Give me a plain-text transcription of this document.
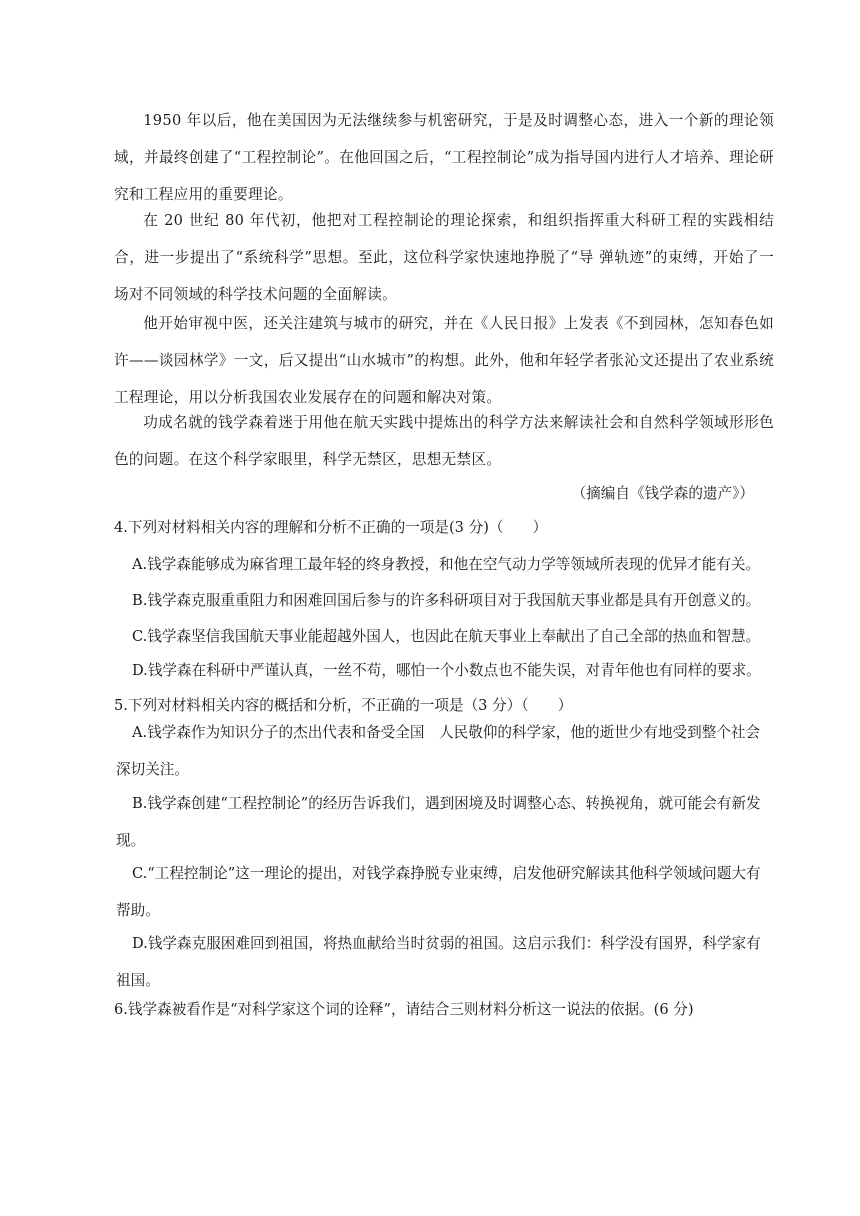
1950 年以后，他在美国因为无法继续参与机密研究，于是及时调整心态，进入一个新的理论领域，并最终创建了“工程控制论”。在他回国之后，“工程控制论”成为指导国内进行人才培养、理论研究和工程应用的重要理论。

在 20 世纪 80 年代初，他把对工程控制论的理论探索，和组织指挥重大科研工程的实践相结合，进一步提出了“系统科学”思想。至此，这位科学家快速地挣脱了“导 弹轨迹”的束缚，开始了一场对不同领域的科学技术问题的全面解读。

他开始审视中医，还关注建筑与城市的研究，并在《人民日报》上发表《不到园林，怎知春色如许——谈园林学》一文，后又提出“山水城市”的构想。此外，他和年轻学者张沁文还提出了农业系统工程理论，用以分析我国农业发展存在的问题和解决对策。

功成名就的钱学森着迷于用他在航天实践中提炼出的科学方法来解读社会和自然科学领域形形色 色的问题。在这个科学家眼里，科学无禁区，思想无禁区。

（摘编自《钱学森的遗产》）

4.下列对材料相关内容的理解和分析不正确的一项是(3 分)（　　）

A.钱学森能够成为麻省理工最年轻的终身教授，和他在空气动力学等领域所表现的优异才能有关。

B.钱学森克服重重阻力和困难回国后参与的许多科研项目对于我国航天事业都是具有开创意义的。

C.钱学森坚信我国航天事业能超越外国人，也因此在航天事业上奉献出了自己全部的热血和智慧。

D.钱学森在科研中严谨认真，一丝不苟，哪怕一个小数点也不能失误，对青年他也有同样的要求。

5.下列对材料相关内容的概括和分析，不正确的一项是（3 分）（　　）

A.钱学森作为知识分子的杰出代表和备受全国　人民敬仰的科学家，他的逝世少有地受到整个社会深切关注。

B.钱学森创建“工程控制论”的经历告诉我们，遇到困境及时调整心态、转换视角，就可能会有新发现。

C.“工程控制论”这一理论的提出，对钱学森挣脱专业束缚，启发他研究解读其他科学领域问题大有帮助。

D.钱学森克服困难回到祖国，将热血献给当时贫弱的祖国。这启示我们：科学没有国界，科学家有祖国。

6.钱学森被看作是“对科学家这个词的诠释”，请结合三则材料分析这一说法的依据。(6 分)
